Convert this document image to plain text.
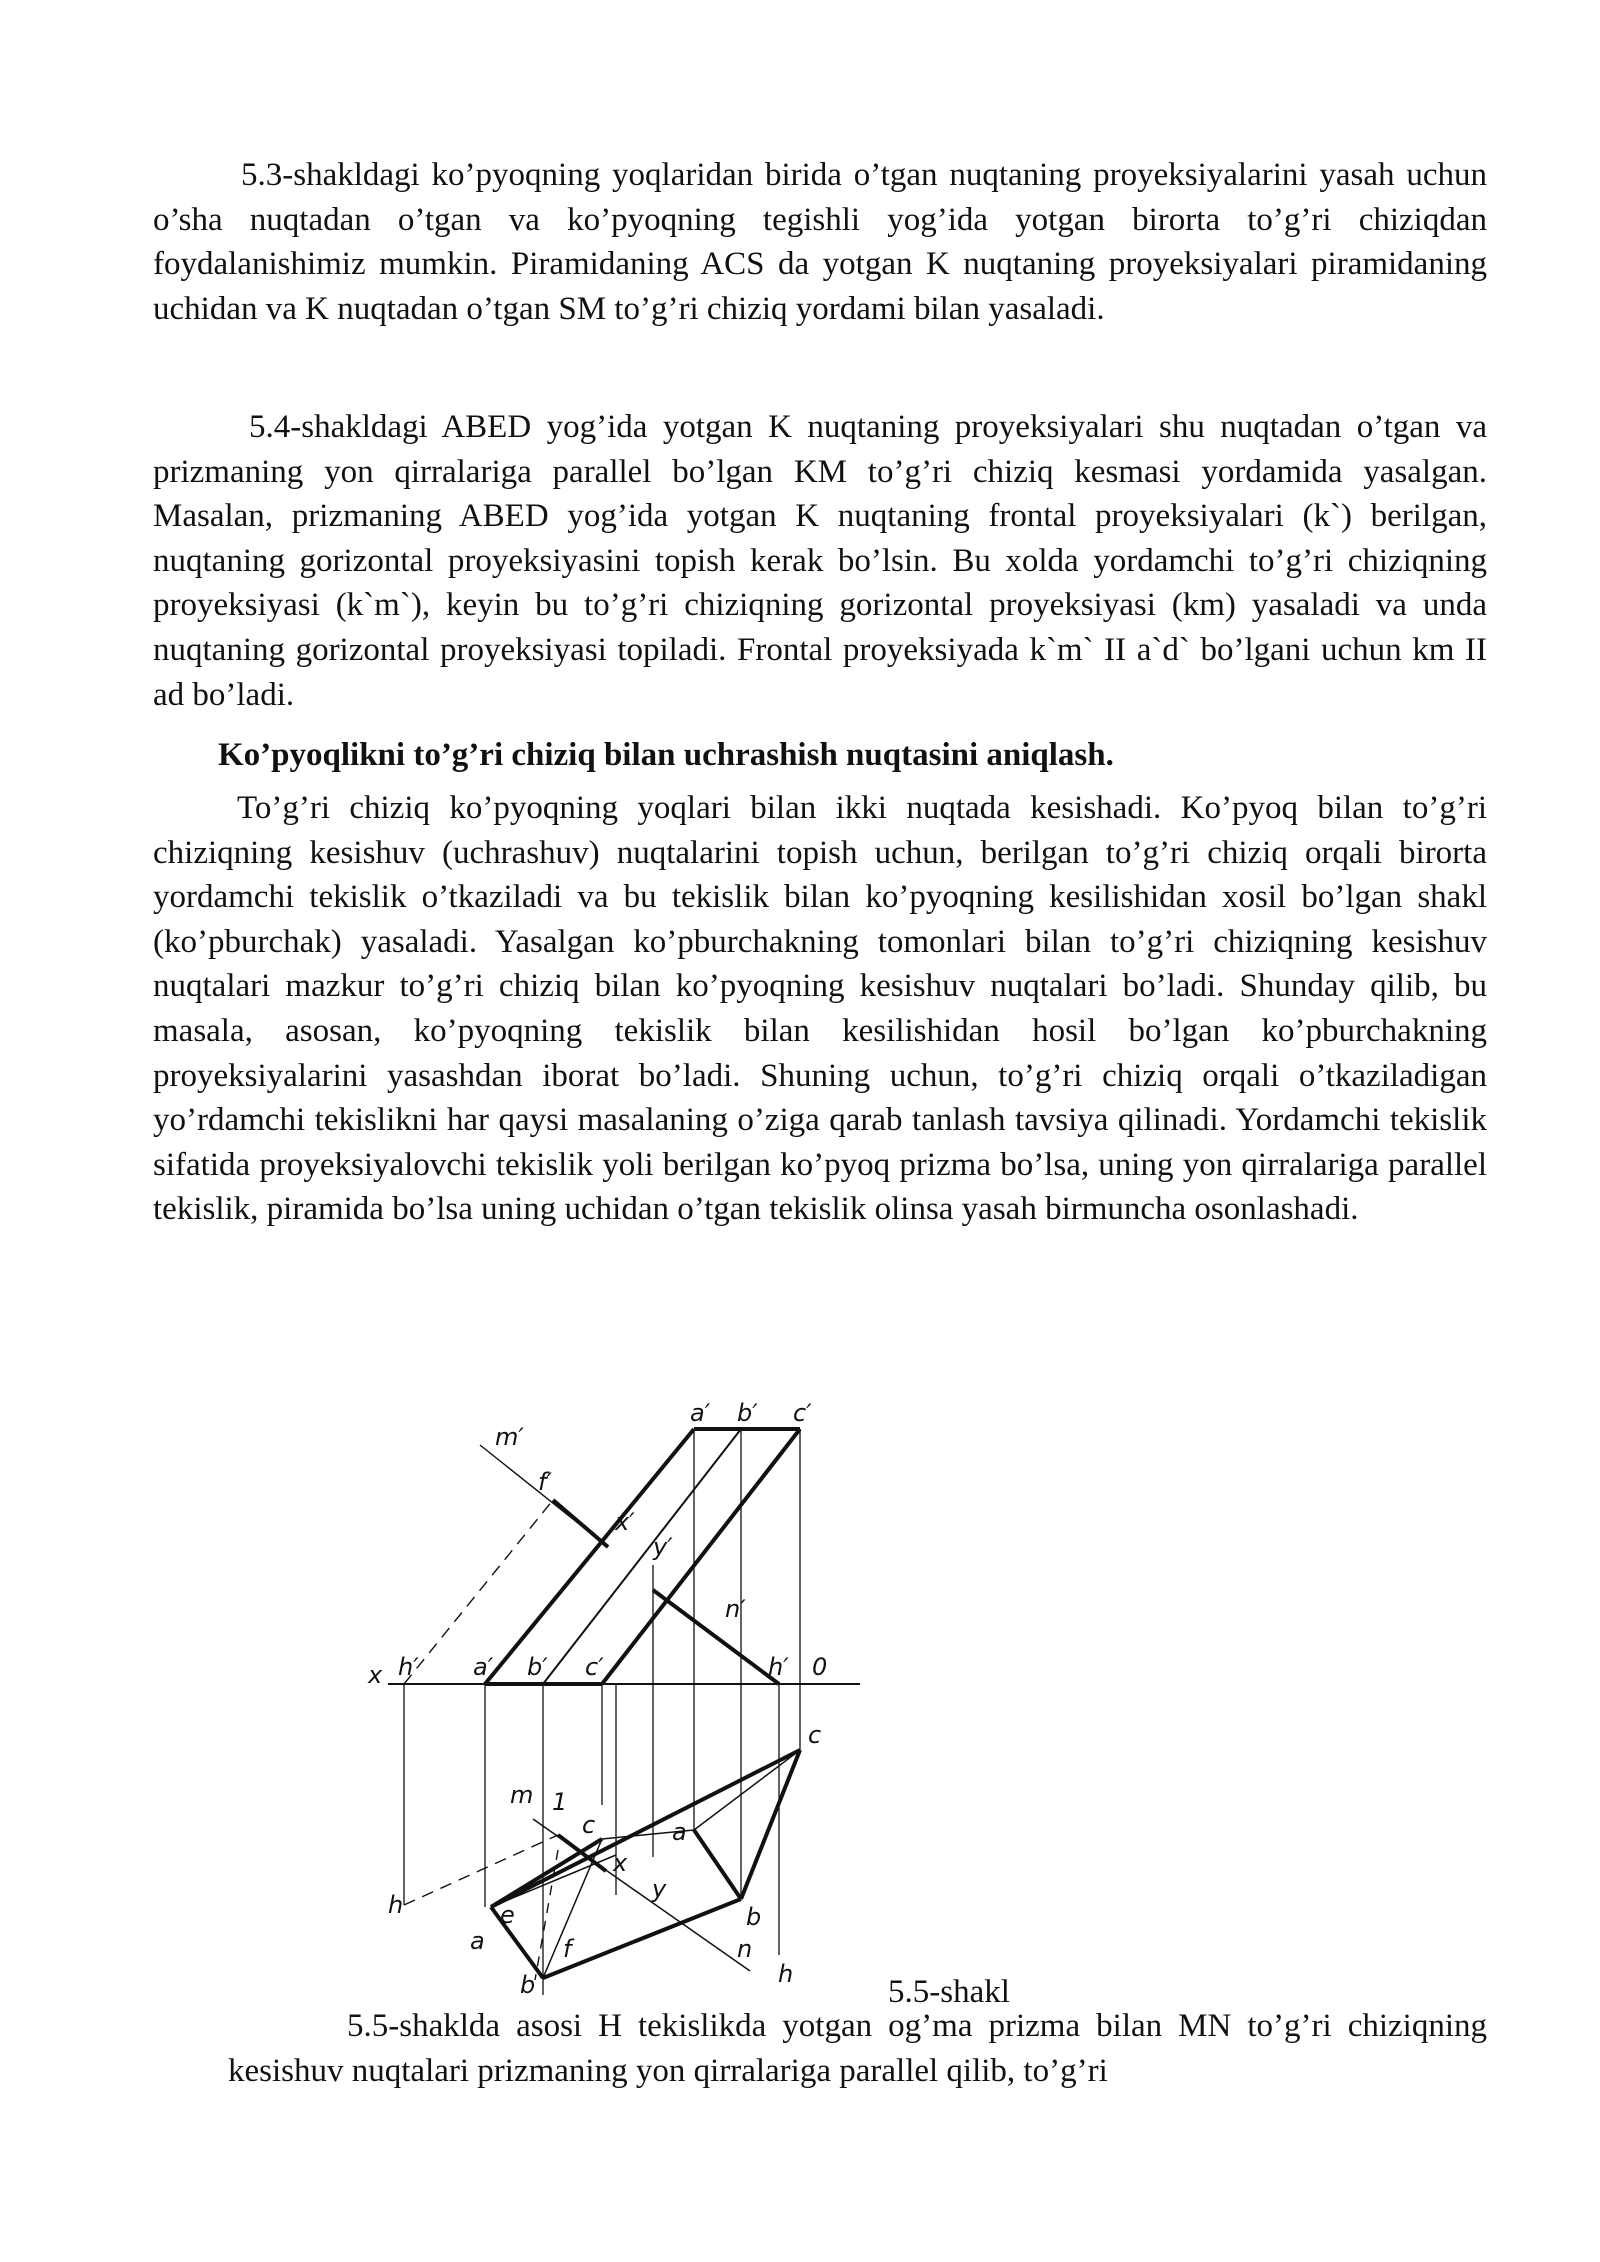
5.3-shakldagi ko’pyoqning yoqlaridan birida o’tgan nuqtaning proyeksiyalarini yasah uchun o’sha nuqtadan o’tgan va ko’pyoqning tegishli yog’ida yotgan birorta to’g’ri chiziqdan foydalanishimiz mumkin. Piramidaning ACS da yotgan K nuqtaning proyeksiyalari piramidaning uchidan va K nuqtadan o’tgan SM to’g’ri chiziq yordami bilan yasaladi.

5.4-shakldagi ABED yog’ida yotgan K nuqtaning proyeksiyalari shu nuqtadan o’tgan va prizmaning yon qirralariga parallel bo’lgan KM to’g’ri chiziq kesmasi yordamida yasalgan. Masalan, prizmaning ABED yog’ida yotgan K nuqtaning frontal proyeksiyalari (k`) berilgan, nuqtaning gorizontal proyeksiyasini topish kerak bo’lsin. Bu xolda yordamchi to’g’ri chiziqning proyeksiyasi (k`m`), keyin bu to’g’ri chiziqning gorizontal proyeksiyasi (km) yasaladi va unda nuqtaning gorizontal proyeksiyasi topiladi. Frontal proyeksiyada k`m` II a`d` bo’lgani uchun km II ad bo’ladi.

Ko’pyoqlikni to’g’ri chiziq bilan uchrashish nuqtasini aniqlash.

To’g’ri chiziq ko’pyoqning yoqlari bilan ikki nuqtada kesishadi. Ko’pyoq bilan to’g’ri chiziqning kesishuv (uchrashuv) nuqtalarini topish uchun, berilgan to’g’ri chiziq orqali birorta yordamchi tekislik o’tkaziladi va bu tekislik bilan ko’pyoqning kesilishidan xosil bo’lgan shakl (ko’pburchak) yasaladi. Yasalgan ko’pburchakning tomonlari bilan to’g’ri chiziqning kesishuv nuqtalari mazkur to’g’ri chiziq bilan ko’pyoqning kesishuv nuqtalari bo’ladi. Shunday qilib, bu masala, asosan, ko’pyoqning tekislik bilan kesilishidan hosil bo’lgan ko’pburchakning proyeksiyalarini yasashdan iborat bo’ladi. Shuning uchun, to’g’ri chiziq orqali o’tkaziladigan yo’rdamchi tekislikni har qaysi masalaning o’ziga qarab tanlash tavsiya qilinadi. Yordamchi tekislik sifatida proyeksiyalovchi tekislik yoli berilgan ko’pyoq prizma bo’lsa, uning yon qirralariga parallel tekislik, piramida bo’lsa uning uchidan o’tgan tekislik olinsa yasah birmuncha osonlashadi.

a′ b′ c′
m′
f′
x′
y′
n′
x h′ a′ b′ c′	h′ 0
c
m 1
c	a
x
y
h	e	b
a	f	n
h
b	5.5-shakl

5.5-shakldа asosi H tekislikda yotgan og’ma prizma bilan MN to’g’ri chiziqning kesishuv nuqtalari prizmaning yon qirralariga parallel qilib, to’g’ri
